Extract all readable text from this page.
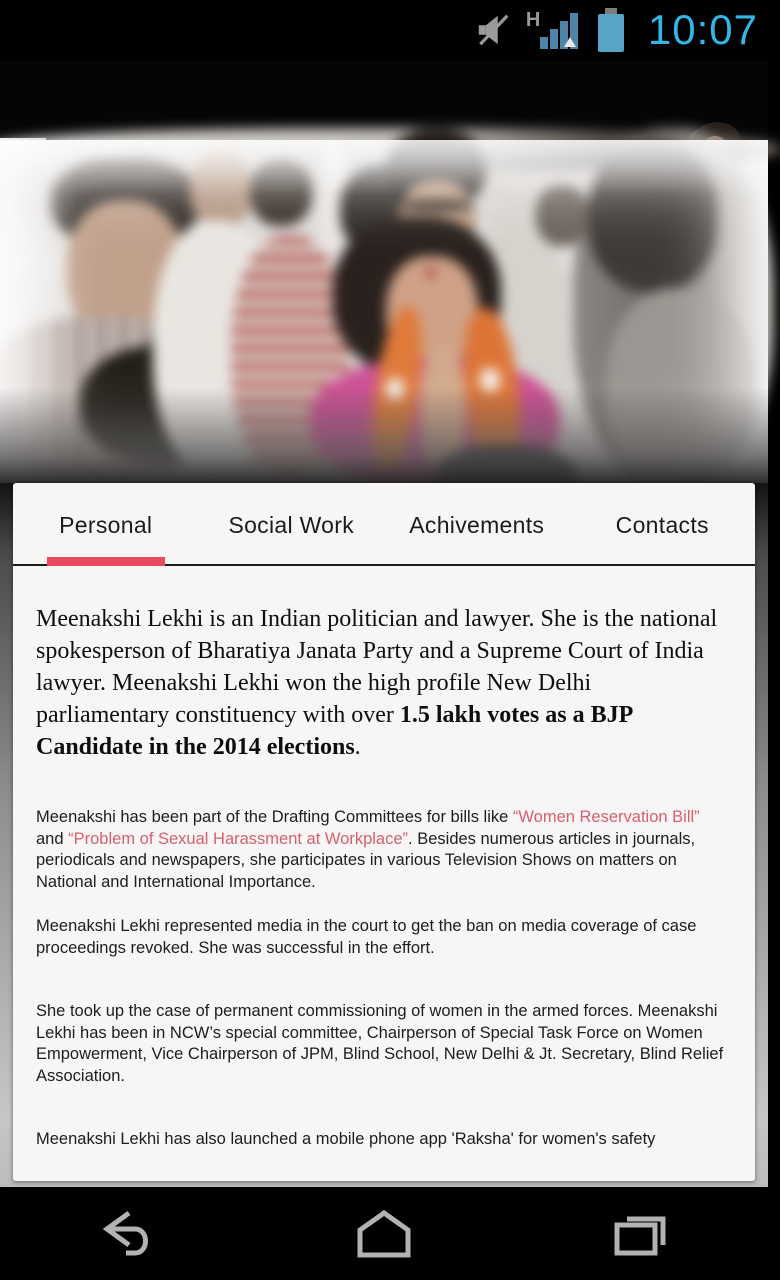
H	10:07
Personal	Social Work	Achivements	Contacts

Meenakshi Lekhi is an Indian politician and lawyer. She is the national spokesperson of Bharatiya Janata Party and a Supreme Court of India lawyer. Meenakshi Lekhi won the high profile New Delhi parliamentary constituency with over 1.5 lakh votes as a BJP Candidate in the 2014 elections.

Meenakshi has been part of the Drafting Committees for bills like “Women Reservation Bill” and “Problem of Sexual Harassment at Workplace”. Besides numerous articles in journals, periodicals and newspapers, she participates in various Television Shows on matters on National and International Importance.

Meenakshi Lekhi represented media in the court to get the ban on media coverage of case proceedings revoked. She was successful in the effort.

She took up the case of permanent commissioning of women in the armed forces. Meenakshi Lekhi has been in NCW’s special committee, Chairperson of Special Task Force on Women Empowerment, Vice Chairperson of JPM, Blind School, New Delhi & Jt. Secretary, Blind Relief Association.

Meenakshi Lekhi has also launched a mobile phone app 'Raksha' for women's safety
